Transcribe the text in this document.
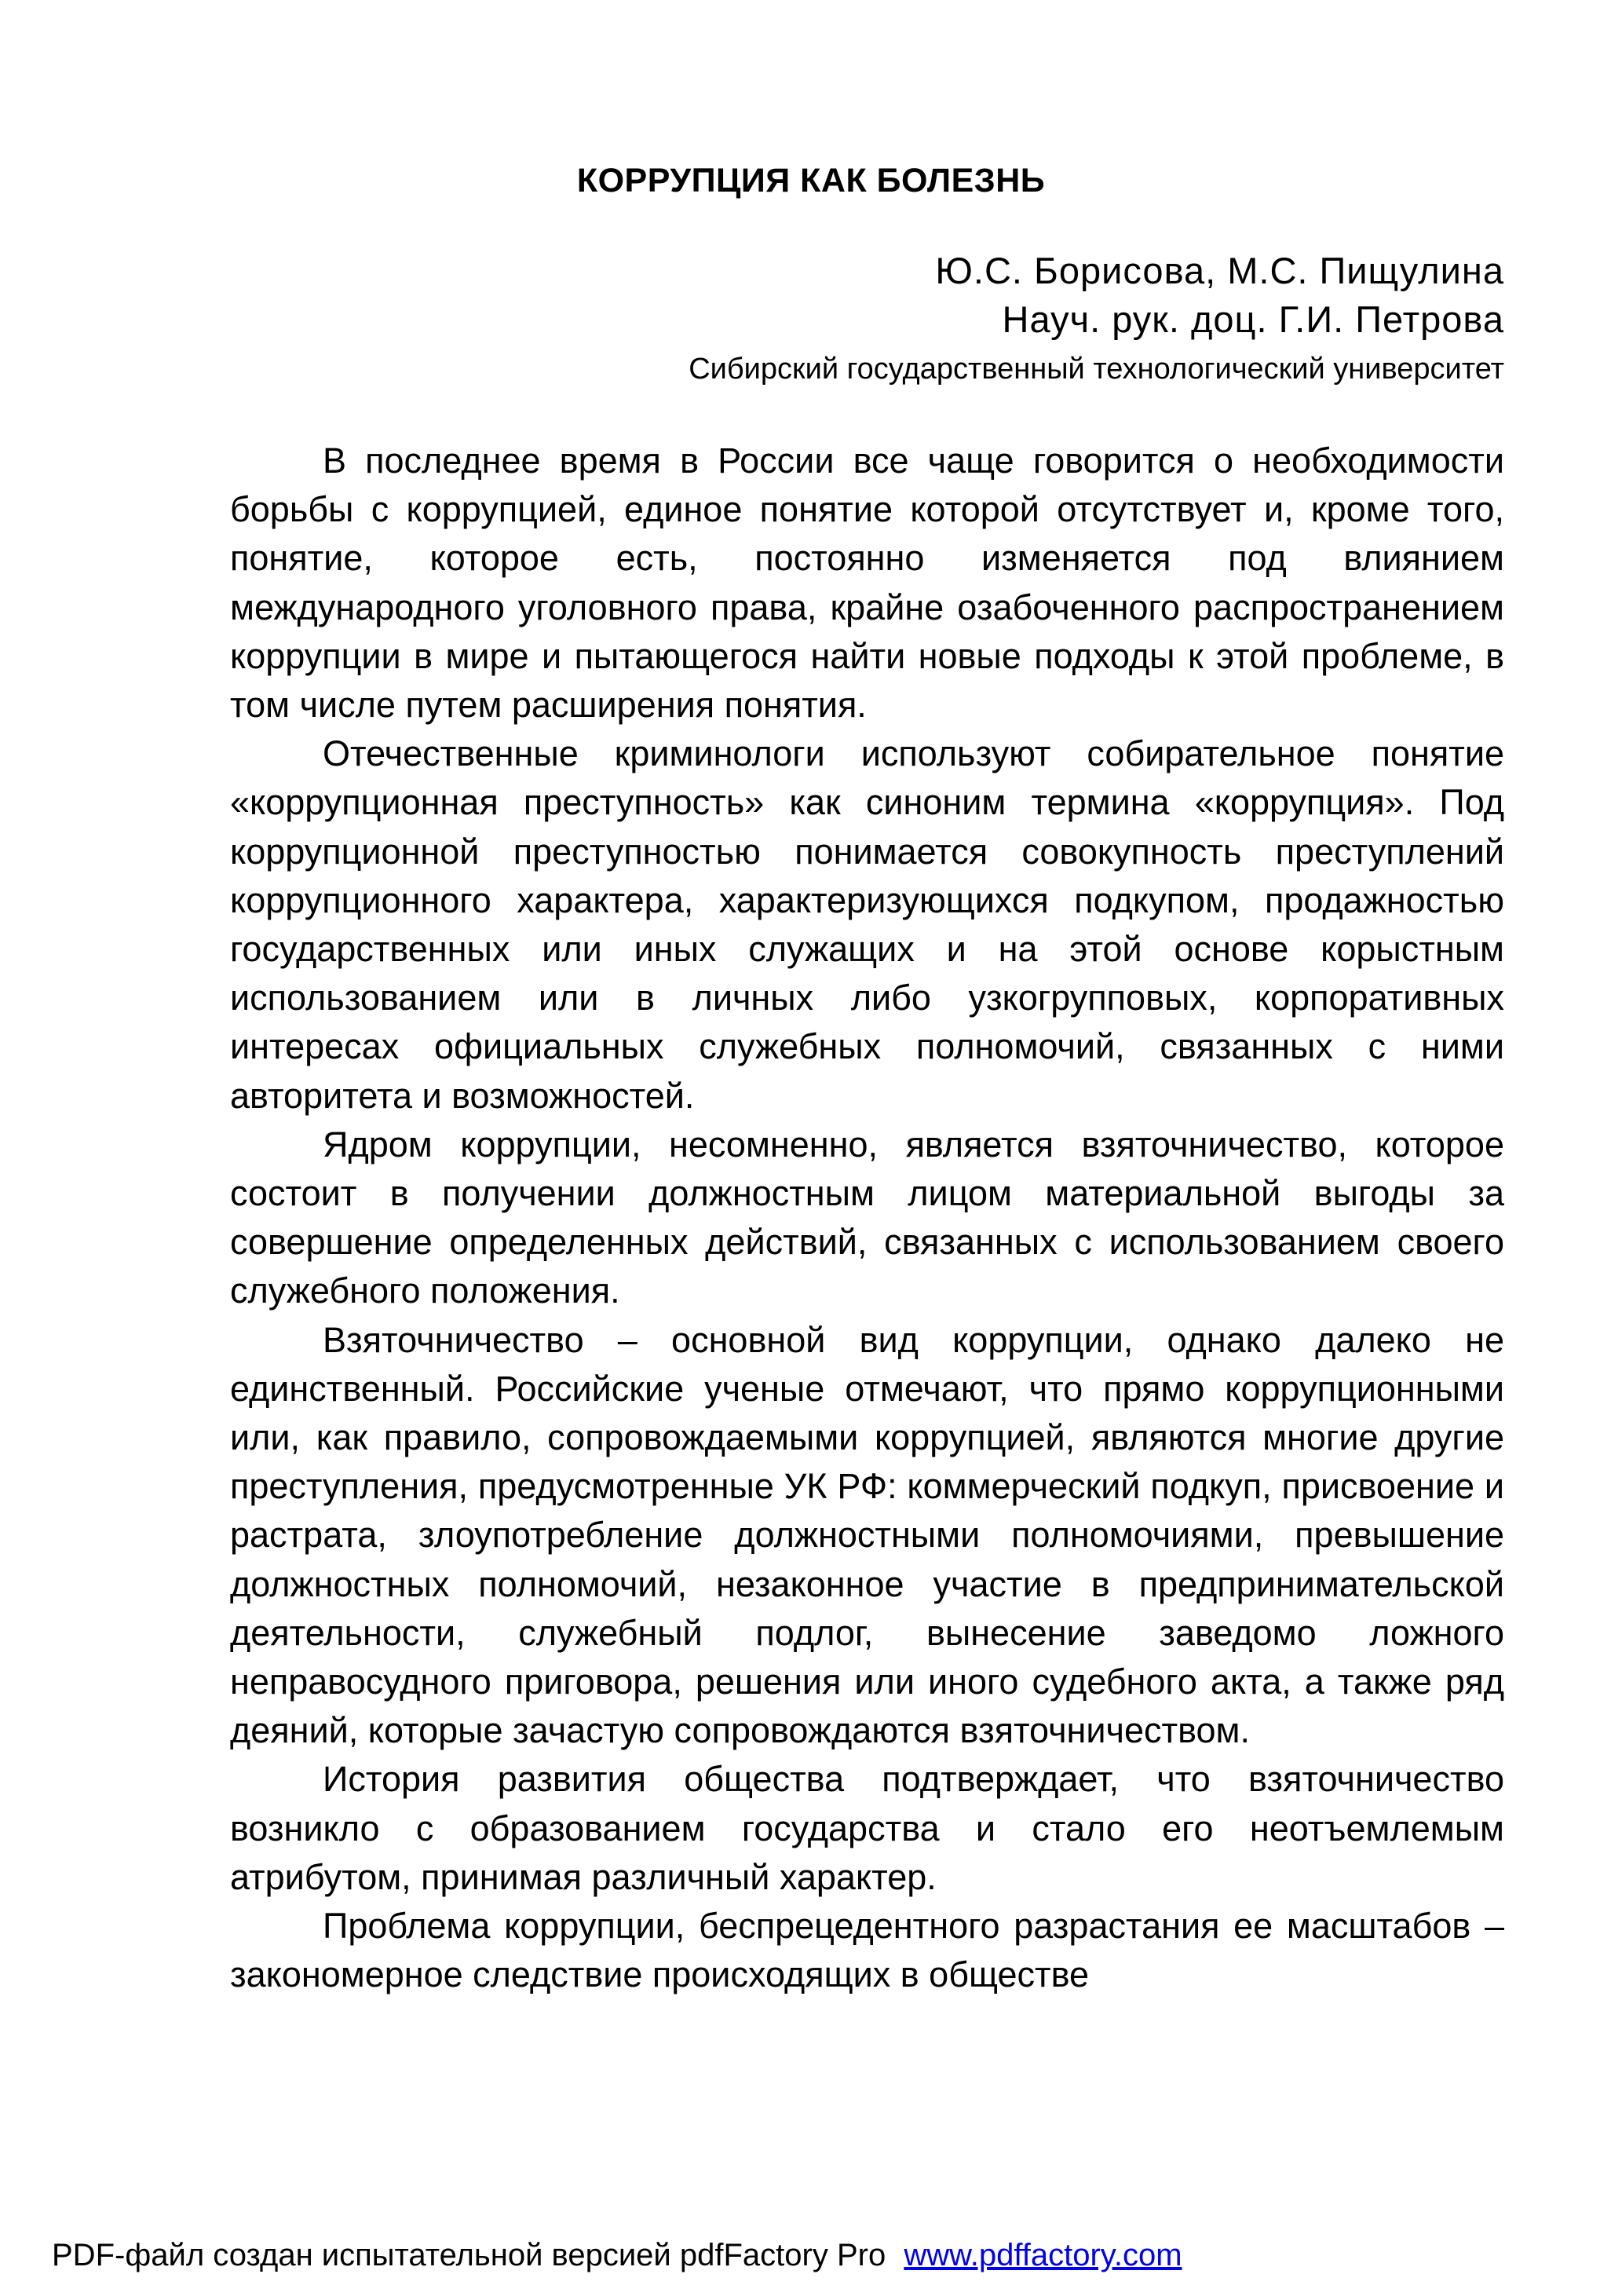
КОРРУПЦИЯ КАК БОЛЕЗНЬ
Ю.С. Борисова, М.С. Пищулина
Науч. рук. доц. Г.И. Петрова
Сибирский государственный технологический университет

В последнее время в России все чаще говорится о необходимости борьбы с коррупцией, единое понятие которой отсутствует и, кроме того, понятие, которое есть, постоянно изменяется под влиянием международного уголовного права, крайне озабоченного распространением коррупции в мире и пытающегося найти новые подходы к этой проблеме, в том числе путем расширения понятия.

Отечественные криминологи используют собирательное понятие «коррупционная преступность» как синоним термина «коррупция». Под коррупционной преступностью понимается совокупность преступлений коррупционного характера, характеризующихся подкупом, продажностью государственных или иных служащих и на этой основе корыстным использованием или в личных либо узкогрупповых, корпоративных интересах официальных служебных полномочий, связанных с ними авторитета и возможностей.

Ядром коррупции, несомненно, является взяточничество, которое состоит в получении должностным лицом материальной выгоды за совершение определенных действий, связанных с использованием своего служебного положения.

Взяточничество – основной вид коррупции, однако далеко не единственный. Российские ученые отмечают, что прямо коррупционными или, как правило, сопровождаемыми коррупцией, являются многие другие преступления, предусмотренные УК РФ: коммерческий подкуп, присвоение и растрата, злоупотребление должностными полномочиями, превышение должностных полномочий, незаконное участие в предпринимательской деятельности, служебный подлог, вынесение заведомо ложного неправосудного приговора, решения или иного судебного акта, а также ряд деяний, которые зачастую сопровождаются взяточничеством.

История развития общества подтверждает, что взяточничество возникло с образованием государства и стало его неотъемлемым атрибутом, принимая различный характер.

Проблема коррупции, беспрецедентного разрастания ее масштабов – закономерное следствие происходящих в обществе

PDF-файл создан испытательной версией pdfFactory Pro www.pdffactory.com
